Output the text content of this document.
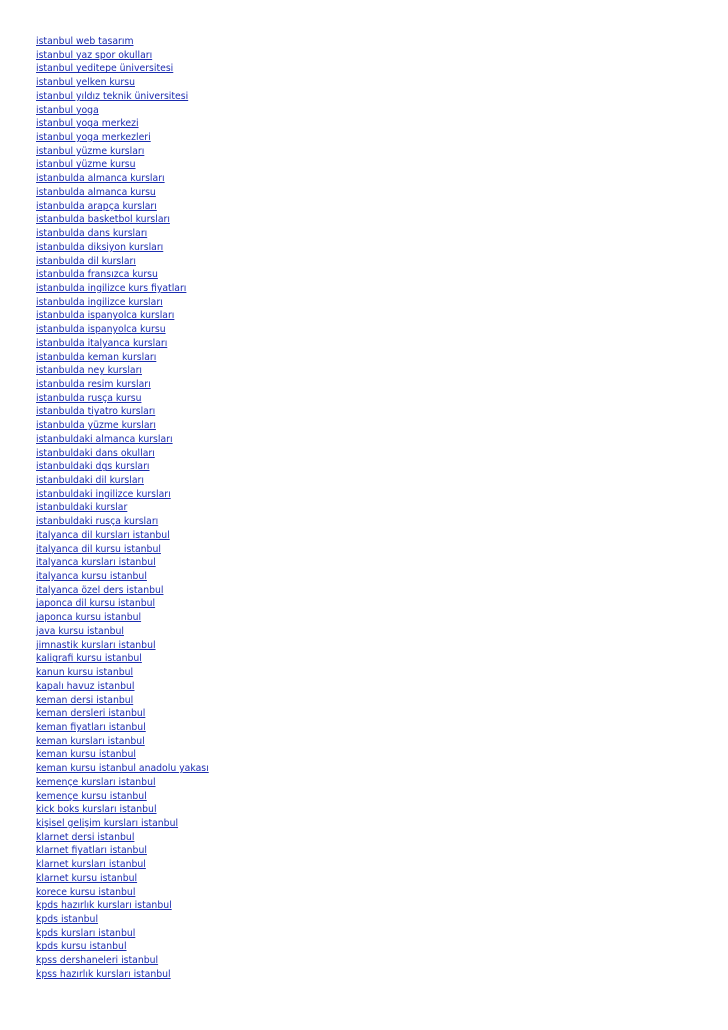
istanbul web tasarım
istanbul yaz spor okulları
istanbul yeditepe üniversitesi
istanbul yelken kursu
istanbul yıldız teknik üniversitesi
istanbul yoga
istanbul yoga merkezi
istanbul yoga merkezleri
istanbul yüzme kursları
istanbul yüzme kursu
istanbulda almanca kursları
istanbulda almanca kursu
istanbulda arapça kursları
istanbulda basketbol kursları
istanbulda dans kursları
istanbulda diksiyon kursları
istanbulda dil kursları
istanbulda fransızca kursu
istanbulda ingilizce kurs fiyatları
istanbulda ingilizce kursları
istanbulda ispanyolca kursları
istanbulda ispanyolca kursu
istanbulda italyanca kursları
istanbulda keman kursları
istanbulda ney kursları
istanbulda resim kursları
istanbulda rusça kursu
istanbulda tiyatro kursları
istanbulda yüzme kursları
istanbuldaki almanca kursları
istanbuldaki dans okulları
istanbuldaki dgs kursları
istanbuldaki dil kursları
istanbuldaki ingilizce kursları
istanbuldaki kurslar
istanbuldaki rusça kursları
italyanca dil kursları istanbul
italyanca dil kursu istanbul
italyanca kursları istanbul
italyanca kursu istanbul
italyanca özel ders istanbul
japonca dil kursu istanbul
japonca kursu istanbul
java kursu istanbul
jimnastik kursları istanbul
kaligrafi kursu istanbul
kanun kursu istanbul
kapalı havuz istanbul
keman dersi istanbul
keman dersleri istanbul
keman fiyatları istanbul
keman kursları istanbul
keman kursu istanbul
keman kursu istanbul anadolu yakası
kemençe kursları istanbul
kemençe kursu istanbul
kick boks kursları istanbul
kişisel gelişim kursları istanbul
klarnet dersi istanbul
klarnet fiyatları istanbul
klarnet kursları istanbul
klarnet kursu istanbul
korece kursu istanbul
kpds hazırlık kursları istanbul
kpds istanbul
kpds kursları istanbul
kpds kursu istanbul
kpss dershaneleri istanbul
kpss hazırlık kursları istanbul
